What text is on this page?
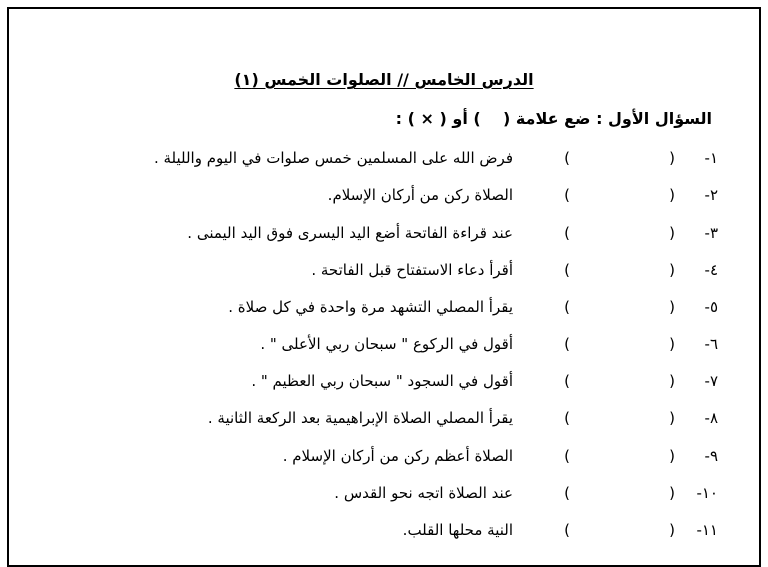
الدرس الخامس // الصلوات الخمس (١)
السؤال الأول : ضع علامة (    ) أو ( × ) :
١-
(
)
فرض الله على المسلمين خمس صلوات في اليوم والليلة .
٢-
(
)
الصلاة ركن من أركان الإسلام.
٣-
(
)
عند قراءة الفاتحة أضع اليد اليسرى فوق اليد اليمنى .
٤-
(
)
أقرأ دعاء الاستفتاح قبل الفاتحة .
٥-
(
)
يقرأ المصلي التشهد مرة واحدة في كل صلاة .
٦-
(
)
أقول في الركوع " سبحان ربي الأعلى " .
٧-
(
)
أقول في السجود " سبحان ربي العظيم " .
٨-
(
)
يقرأ المصلي الصلاة الإبراهيمية بعد الركعة الثانية .
٩-
(
)
الصلاة أعظم ركن من أركان الإسلام .
١٠-
(
)
عند الصلاة اتجه نحو القدس .
١١-
(
)
النية محلها القلب.
